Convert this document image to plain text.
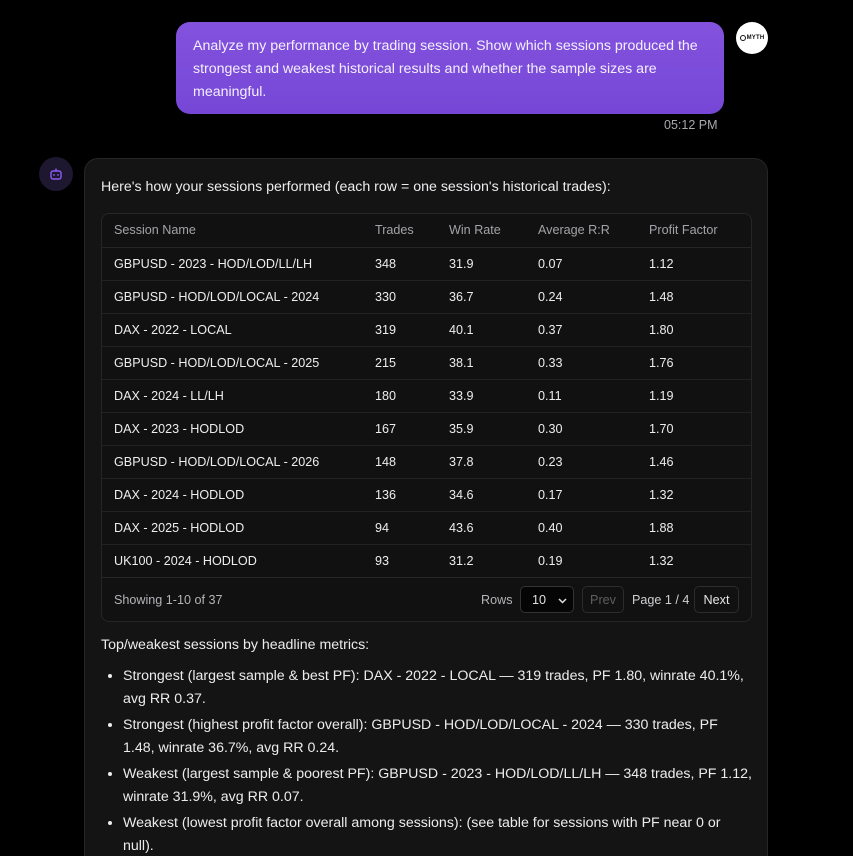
Analyze my performance by trading session. Show which sessions produced the strongest and weakest historical results and whether the sample sizes are meaningful.
MYTH
05:12 PM
Here's how your sessions performed (each row = one session's historical trades):
Session Name	Trades	Win Rate	Average R:R	Profit Factor
GBPUSD - 2023 - HOD/LOD/LL/LH	348	31.9	0.07	1.12
GBPUSD - HOD/LOD/LOCAL - 2024	330	36.7	0.24	1.48
DAX - 2022 - LOCAL	319	40.1	0.37	1.80
GBPUSD - HOD/LOD/LOCAL - 2025	215	38.1	0.33	1.76
DAX - 2024 - LL/LH	180	33.9	0.11	1.19
DAX - 2023 - HODLOD	167	35.9	0.30	1.70
GBPUSD - HOD/LOD/LOCAL - 2026	148	37.8	0.23	1.46
DAX - 2024 - HODLOD	136	34.6	0.17	1.32
DAX - 2025 - HODLOD	94	43.6	0.40	1.88
UK100 - 2024 - HODLOD	93	31.2	0.19	1.32
Showing 1-10 of 37	Rows 10	Prev	Page 1 / 4	Next
Top/weakest sessions by headline metrics:
• Strongest (largest sample & best PF): DAX - 2022 - LOCAL — 319 trades, PF 1.80, winrate 40.1%, avg RR 0.37.
• Strongest (highest profit factor overall): GBPUSD - HOD/LOD/LOCAL - 2024 — 330 trades, PF 1.48, winrate 36.7%, avg RR 0.24.
• Weakest (largest sample & poorest PF): GBPUSD - 2023 - HOD/LOD/LL/LH — 348 trades, PF 1.12, winrate 31.9%, avg RR 0.07.
• Weakest (lowest profit factor overall among sessions): (see table for sessions with PF near 0 or null).
